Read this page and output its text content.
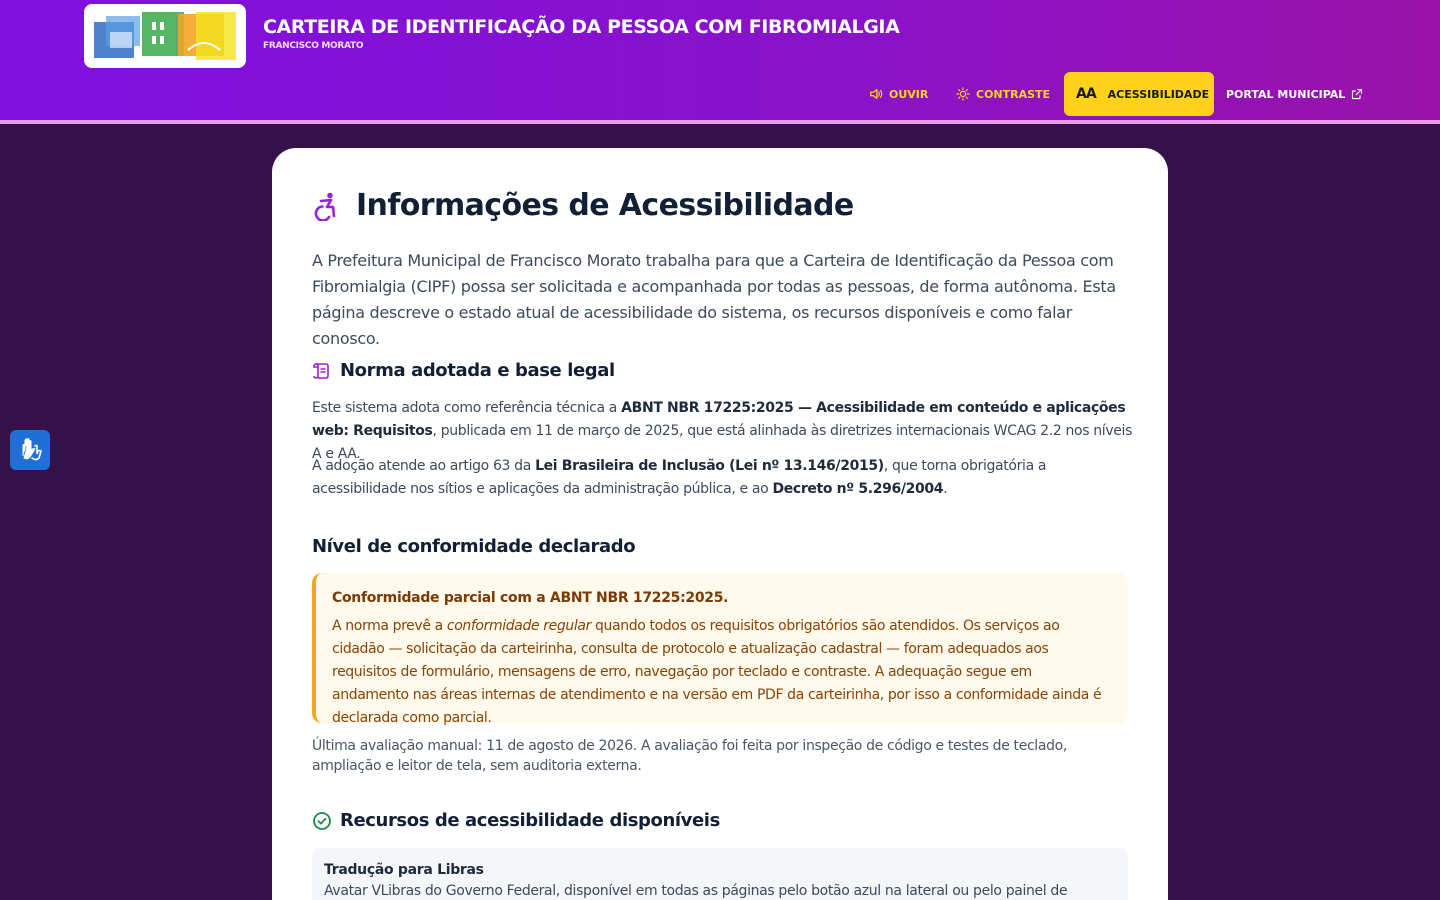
CARTEIRA DE IDENTIFICAÇÃO DA PESSOA COM FIBROMIALGIA
FRANCISCO MORATO
OUVIR	CONTRASTE AA ACESSIBILIDADE PORTAL MUNICIPAL
Informações de Acessibilidade

A Prefeitura Municipal de Francisco Morato trabalha para que a Carteira de Identificação da Pessoa com Fibromialgia (CIPF) possa ser solicitada e acompanhada por todas as pessoas, de forma autônoma. Esta página descreve o estado atual de acessibilidade do sistema, os recursos disponíveis e como falar conosco.

Norma adotada e base legal

Este sistema adota como referência técnica a ABNT NBR 17225:2025 — Acessibilidade em conteúdo e aplicações web: Requisitos, publicada em 11 de março de 2025, que está alinhada às diretrizes internacionais WCAG 2.2 nos níveis A e AA.

A adoção atende ao artigo 63 da Lei Brasileira de Inclusão (Lei nº 13.146/2015), que torna obrigatória a acessibilidade nos sítios e aplicações da administração pública, e ao Decreto nº 5.296/2004.

Nível de conformidade declarado
Conformidade parcial com a ABNT NBR 17225:2025.
A norma prevê a conformidade regular quando todos os requisitos obrigatórios são atendidos. Os serviços ao cidadão — solicitação da carteirinha, consulta de protocolo e atualização cadastral — foram adequados aos requisitos de formulário, mensagens de erro, navegação por teclado e contraste. A adequação segue em andamento nas áreas internas de atendimento e na versão em PDF da carteirinha, por isso a conformidade ainda é declarada como parcial.

Última avaliação manual: 11 de agosto de 2026. A avaliação foi feita por inspeção de código e testes de teclado, ampliação e leitor de tela, sem auditoria externa.

Recursos de acessibilidade disponíveis
Tradução para Libras
Avatar VLibras do Governo Federal, disponível em todas as páginas pelo botão azul na lateral ou pelo painel de
